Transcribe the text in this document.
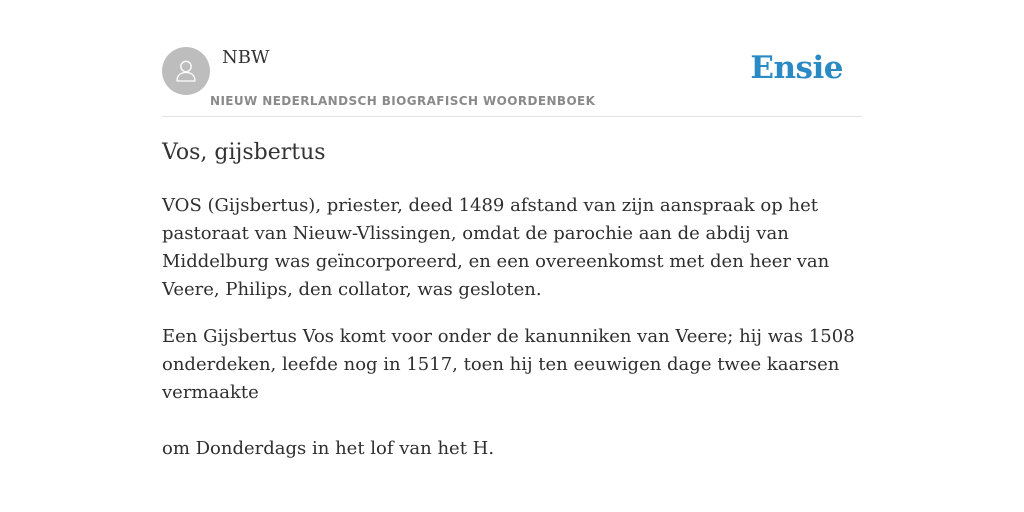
NBW
NIEUW NEDERLANDSCH BIOGRAFISCH WOORDENBOEK
Ensie
Vos, gijsbertus

VOS (Gijsbertus), priester, deed 1489 afstand van zijn aanspraak op het pastoraat van Nieuw-Vlissingen, omdat de parochie aan de abdij van Middelburg was geïncorporeerd, en een overeenkomst met den heer van Veere, Philips, den collator, was gesloten.

Een Gijsbertus Vos komt voor onder de kanunniken van Veere; hij was 1508 onderdeken, leefde nog in 1517, toen hij ten eeuwigen dage twee kaarsen vermaakte

om Donderdags in het lof van het H.
